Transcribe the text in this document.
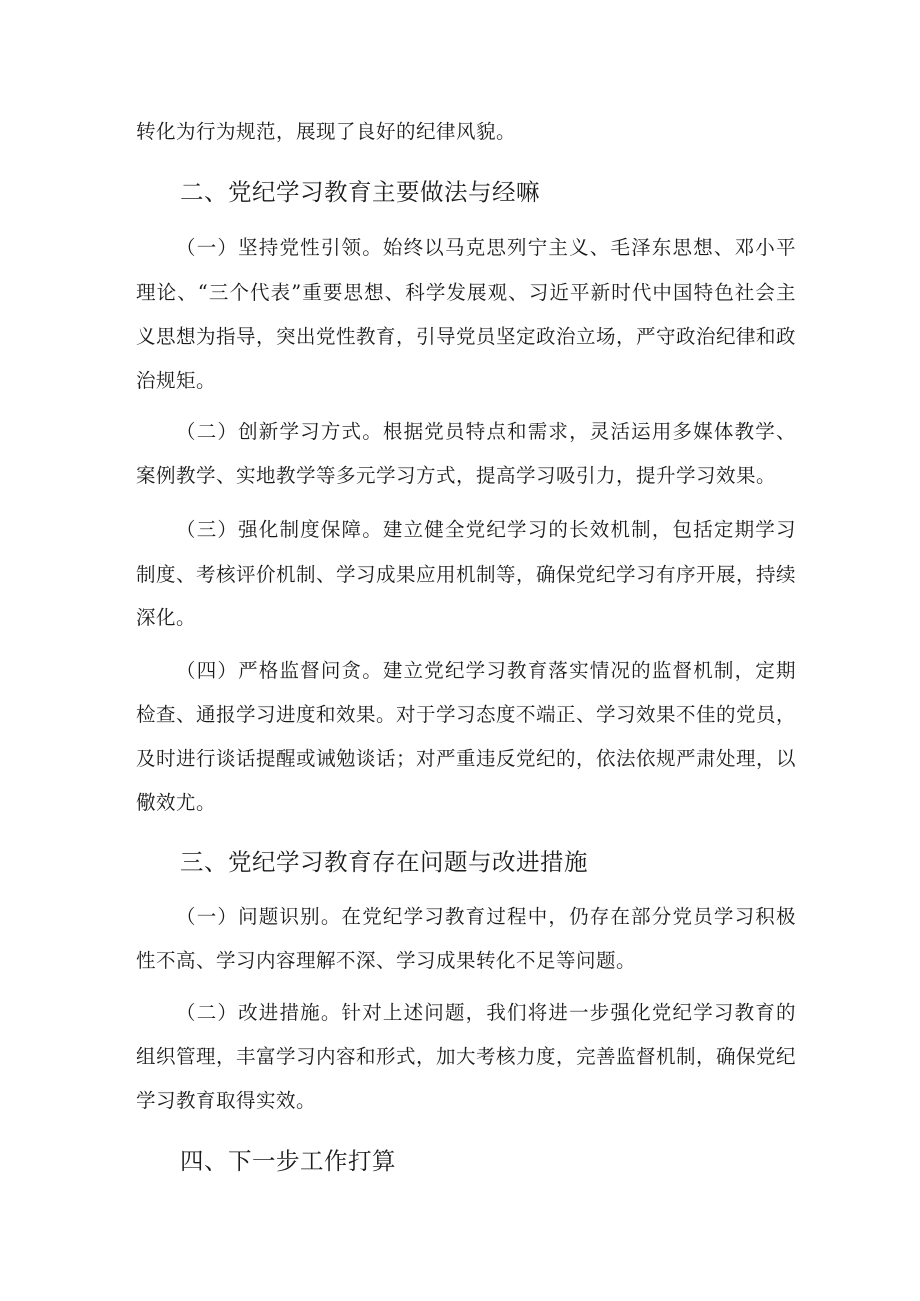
转化为行为规范，展现了良好的纪律风貌。
二、党纪学习教育主要做法与经嘛
（一）坚持党性引领。始终以马克思列宁主义、毛泽东思想、邓小平
理论、“三个代表”重要思想、科学发展观、习近平新时代中国特色社会主
义思想为指导，突出党性教育，引导党员坚定政治立场，严守政治纪律和政
治规矩。
（二）创新学习方式。根据党员特点和需求，灵活运用多媒体教学、
案例教学、实地教学等多元学习方式，提高学习吸引力，提升学习效果。
（三）强化制度保障。建立健全党纪学习的长效机制，包括定期学习
制度、考核评价机制、学习成果应用机制等，确保党纪学习有序开展，持续
深化。
（四）严格监督问贪。建立党纪学习教育落实情况的监督机制，定期
检查、通报学习进度和效果。对于学习态度不端正、学习效果不佳的党员，
及时进行谈话提醒或诫勉谈话；对严重违反党纪的，依法依规严肃处理，以
儆效尤。
三、党纪学习教育存在问题与改进措施
（一）问题识别。在党纪学习教育过程中，仍存在部分党员学习积极
性不高、学习内容理解不深、学习成果转化不足等问题。
（二）改进措施。针对上述问题，我们将进一步强化党纪学习教育的
组织管理，丰富学习内容和形式，加大考核力度，完善监督机制，确保党纪
学习教育取得实效。
四、下一步工作打算
